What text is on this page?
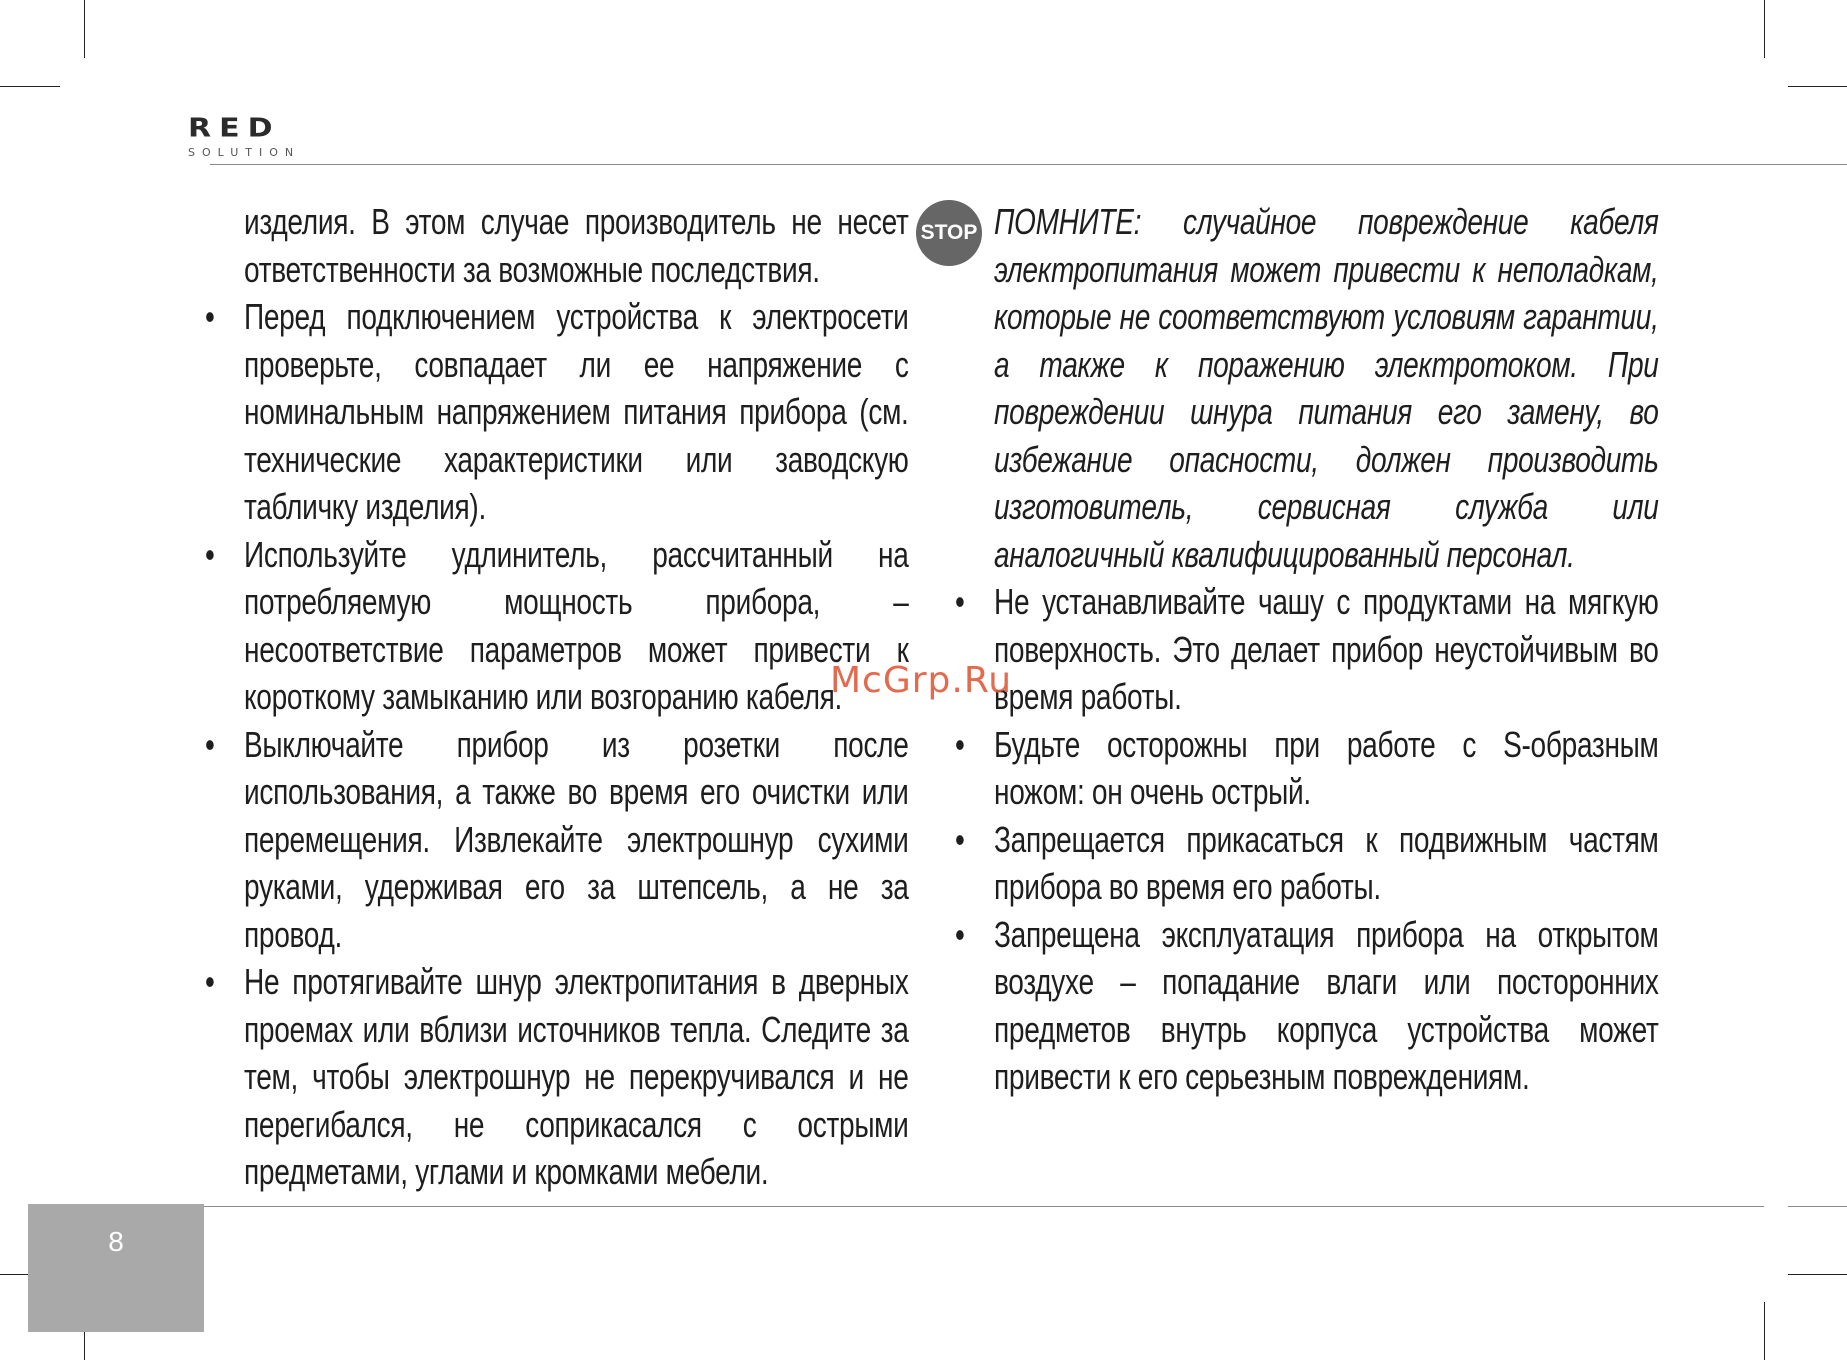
RED
SOLUTION

изделия. В этом случае производитель не несет ответственности за возможные последствия.

• Перед подключением устройства к электросети проверьте, совпадает ли ее напряжение с номинальным напряжением питания прибора (см. технические характеристики или заводскую табличку изделия).
• Используйте удлинитель, рассчитанный на потребляемую мощность прибора, – несоответствие параметров может привести к короткому замыканию или возгоранию кабеля.
• Выключайте прибор из розетки после использования, а также во время его очистки или перемещения. Извлекайте электрошнур сухими руками, удерживая его за штепсель, а не за провод.
• Не протягивайте шнур электропитания в дверных проемах или вблизи источников тепла. Следите за тем, чтобы электрошнур не перекручивался и не перегибался, не соприкасался с острыми предметами, углами и кромками мебели.
STOP ПОМНИТЕ: случайное повреждение кабеля электропитания может привести к неполадкам, которые не соответствуют условиям гарантии, а также к поражению электротоком. При повреждении шнура питания его замену, во избежание опасности, должен производить изготовитель, сервисная служба или аналогичный квалифицированный персонал.

• Не устанавливайте чашу с продуктами на мягкую поверхность. Это делает прибор неустойчивым во время работы.
• Будьте осторожны при работе с S-образным ножом: он очень острый.
• Запрещается прикасаться к подвижным частям прибора во время его работы.
• Запрещена эксплуатация прибора на открытом воздухе – попадание влаги или посторонних предметов внутрь корпуса устройства может привести к его серьезным повреждениям.
McGrp.Ru
8
